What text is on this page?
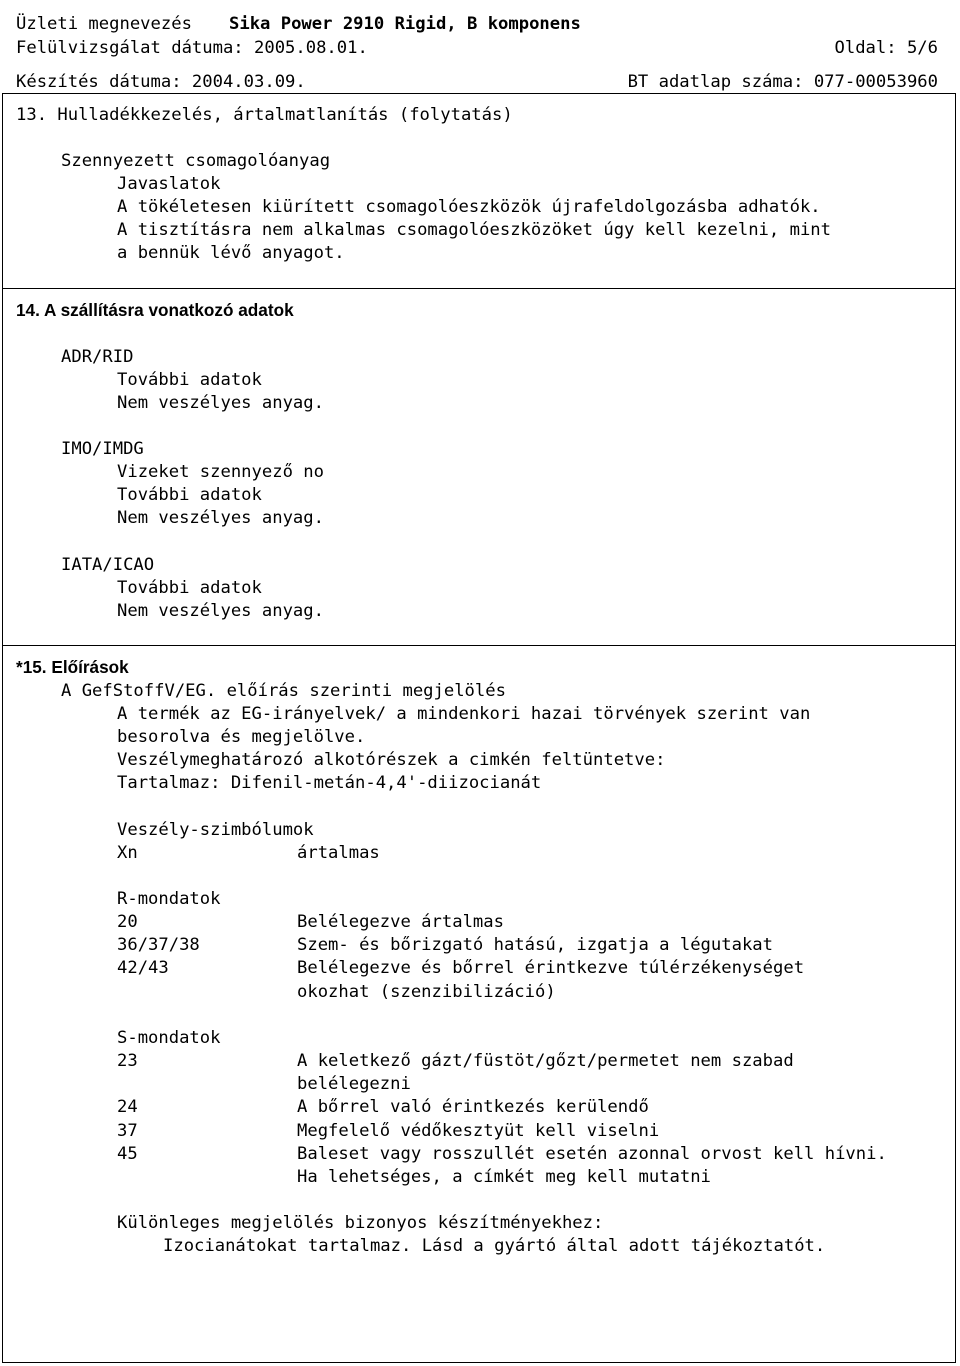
Üzleti megnevezés Sika Power 2910 Rigid, B komponens
Felülvizsgálat dátuma: 2005.08.01.	Oldal: 5/6
Készítés dátuma: 2004.03.09.	BT adatlap száma: 077-00053960
13. Hulladékkezelés, ártalmatlanítás (folytatás)
Szennyezett csomagolóanyag
Javaslatok
A tökéletesen kiürített csomagolóeszközök újrafeldolgozásba adhatók.
A tisztításra nem alkalmas csomagolóeszközöket úgy kell kezelni, mint
a bennük lévő anyagot.
14. A szállításra vonatkozó adatok
ADR/RID
További adatok
Nem veszélyes anyag.
IMO/IMDG
Vizeket szennyező no
További adatok
Nem veszélyes anyag.
IATA/ICAO
További adatok
Nem veszélyes anyag.
*15. Előírások
A GefStoffV/EG. előírás szerinti megjelölés
A termék az EG-irányelvek/ a mindenkori hazai törvények szerint van
besorolva és megjelölve.
Veszélymeghatározó alkotórészek a cimkén feltüntetve:
Tartalmaz: Difenil-metán-4,4'-diizocianát
Veszély-szimbólumok
Xn	ártalmas
R-mondatok
20	Belélegezve ártalmas
36/37/38	Szem- és bőrizgató hatású, izgatja a légutakat
42/43	Belélegezve és bőrrel érintkezve túlérzékenységet
okozhat (szenzibilizáció)
S-mondatok
23	A keletkező gázt/füstöt/gőzt/permetet nem szabad
belélegezni
24	A bőrrel való érintkezés kerülendő
37	Megfelelő védőkesztyüt kell viselni
45	Baleset vagy rosszullét esetén azonnal orvost kell hívni.
Ha lehetséges, a címkét meg kell mutatni
Különleges megjelölés bizonyos készítményekhez:
Izocianátokat tartalmaz. Lásd a gyártó által adott tájékoztatót.
